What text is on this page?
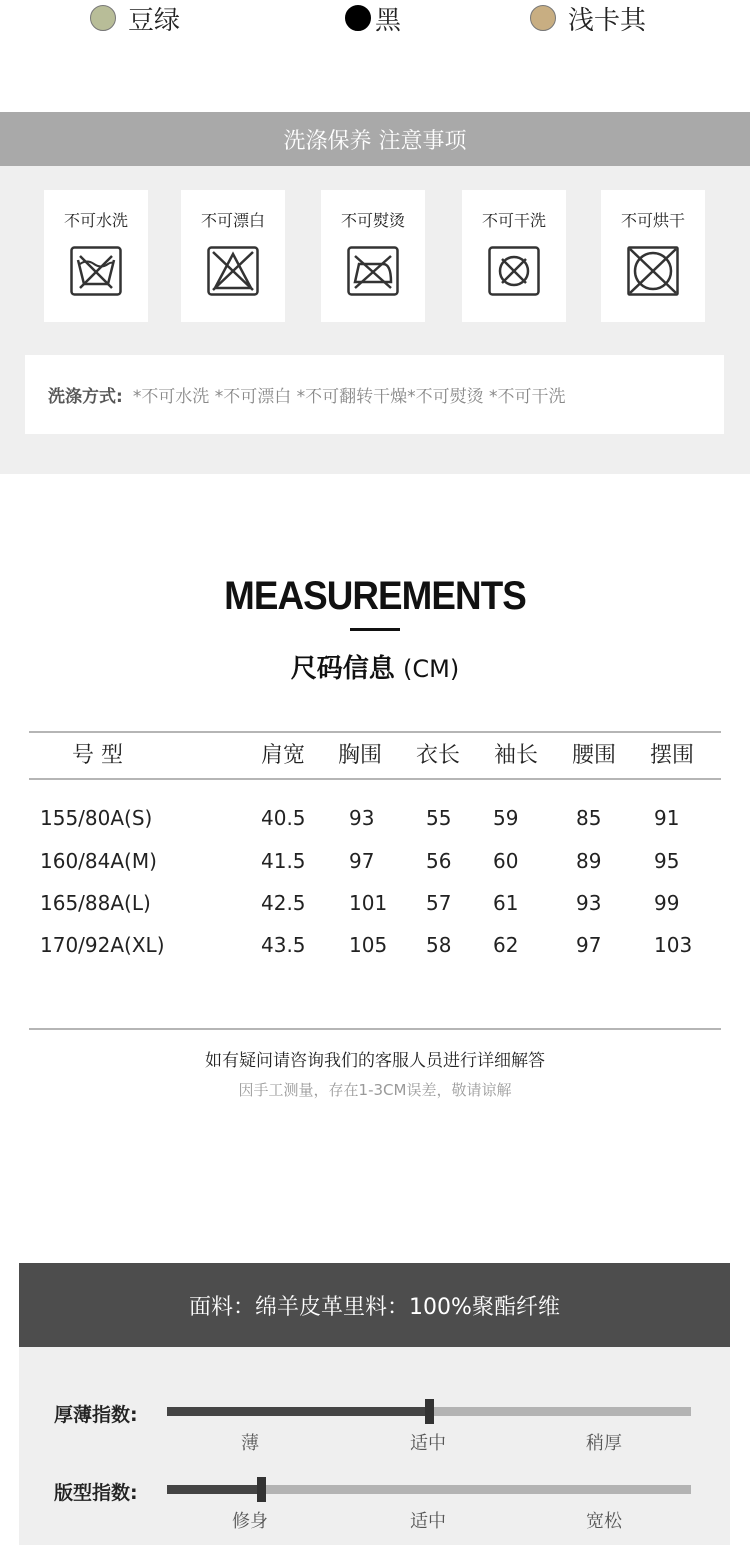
豆绿	黑	浅卡其
洗涤保养 注意事项
不可水洗	不可漂白	不可熨烫	不可干洗	不可烘干
洗涤方式: *不可水洗 *不可漂白 *不可翻转干燥*不可熨烫 *不可干洗
MEASUREMENTS
尺码信息 (CM)
号 型	肩宽 胸围 衣长 袖长 腰围 摆围
155/80A(S)	40.5 93	55 59	85	91
160/84A(M)	41.5 97	56 60	89	95
165/88A(L)	42.5 101 57 61	93	99
170/92A(XL)	43.5 105 58 62	97	103
如有疑问请咨询我们的客服人员进行详细解答
因手工测量，存在1-3CM误差，敬请谅解
面料：绵羊皮革里料：100%聚酯纤维
厚薄指数:
薄	适中	稍厚
版型指数:
修身	适中	宽松
